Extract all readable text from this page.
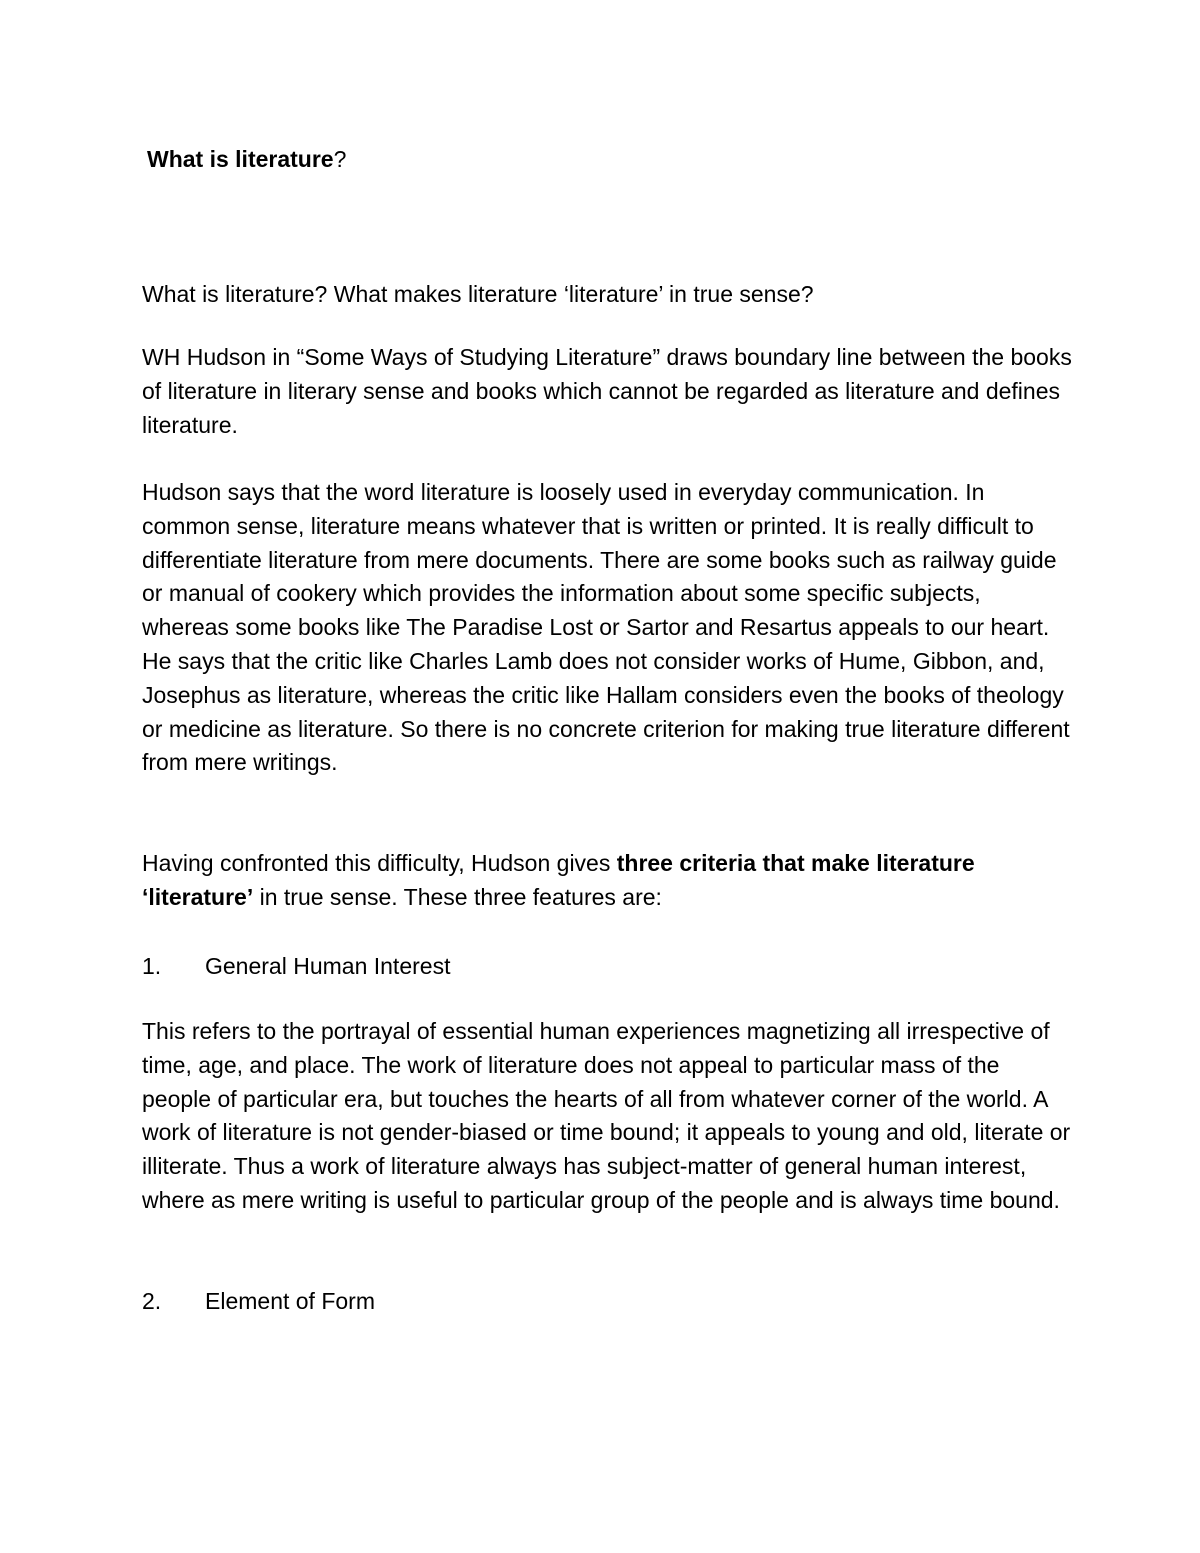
What is literature?

What is literature? What makes literature ‘literature’ in true sense?

WH Hudson in “Some Ways of Studying Literature” draws boundary line between the books of literature in literary sense and books which cannot be regarded as literature and defines literature.

Hudson says that the word literature is loosely used in everyday communication. In common sense, literature means whatever that is written or printed. It is really difficult to differentiate literature from mere documents. There are some books such as railway guide or manual of cookery which provides the information about some specific subjects, whereas some books like The Paradise Lost or Sartor and Resartus appeals to our heart. He says that the critic like Charles Lamb does not consider works of Hume, Gibbon, and, Josephus as literature, whereas the critic like Hallam considers even the books of theology or medicine as literature. So there is no concrete criterion for making true literature different from mere writings.

Having confronted this difficulty, Hudson gives three criteria that make literature ‘literature’ in true sense. These three features are:

1. General Human Interest

This refers to the portrayal of essential human experiences magnetizing all irrespective of time, age, and place. The work of literature does not appeal to particular mass of the people of particular era, but touches the hearts of all from whatever corner of the world. A work of literature is not gender-biased or time bound; it appeals to young and old, literate or illiterate. Thus a work of literature always has subject-matter of general human interest, where as mere writing is useful to particular group of the people and is always time bound.

2. Element of Form
